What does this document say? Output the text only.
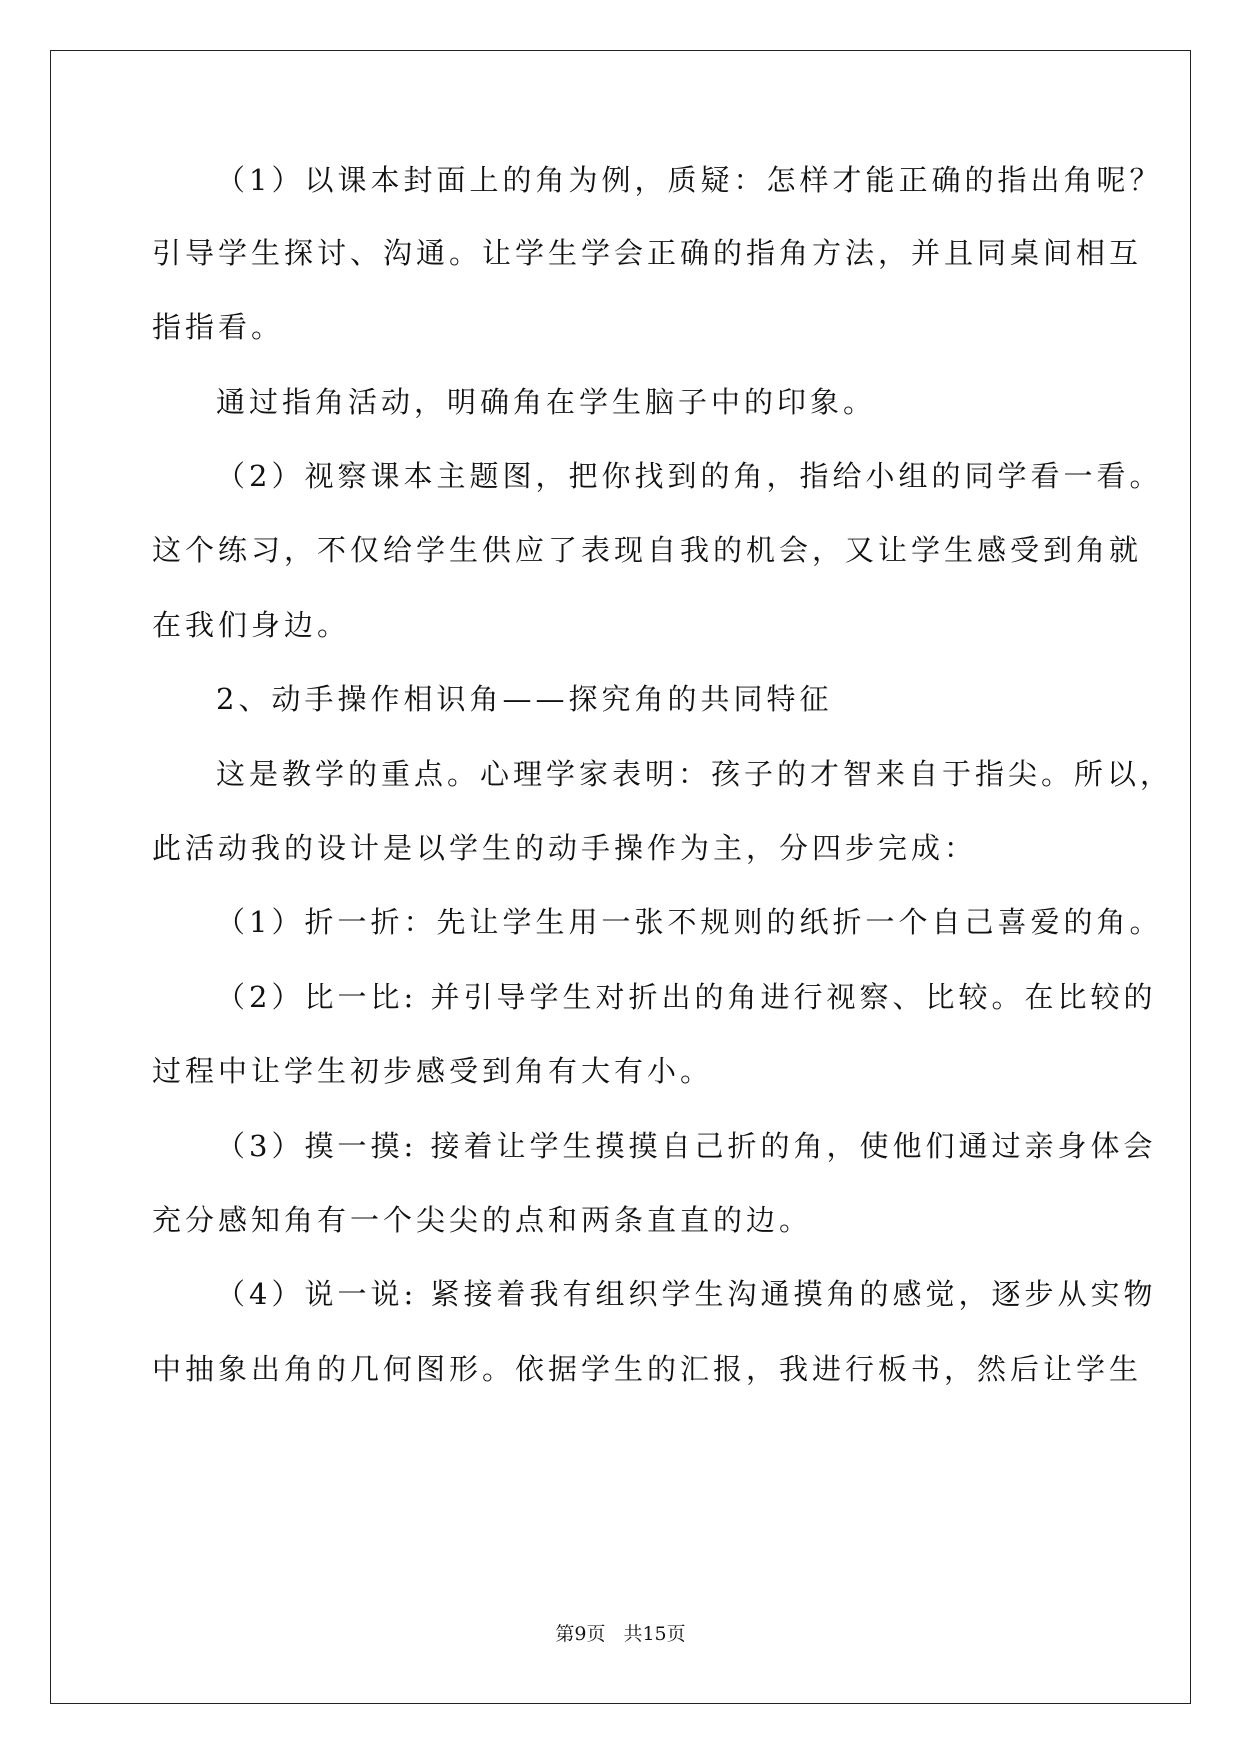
（1）以课本封面上的角为例，质疑：怎样才能正确的指出角呢？
引导学生探讨、沟通。让学生学会正确的指角方法，并且同桌间相互
指指看。
通过指角活动，明确角在学生脑子中的印象。
（2）视察课本主题图，把你找到的角，指给小组的同学看一看。
这个练习，不仅给学生供应了表现自我的机会，又让学生感受到角就
在我们身边。
2、动手操作相识角——探究角的共同特征
这是教学的重点。心理学家表明：孩子的才智来自于指尖。所以，
此活动我的设计是以学生的动手操作为主，分四步完成：
（1）折一折：先让学生用一张不规则的纸折一个自己喜爱的角。
（2）比一比: 并引导学生对折出的角进行视察、比较。在比较的
过程中让学生初步感受到角有大有小。
（3）摸一摸: 接着让学生摸摸自己折的角，使他们通过亲身体会
充分感知角有一个尖尖的点和两条直直的边。
（4）说一说: 紧接着我有组织学生沟通摸角的感觉，逐步从实物
中抽象出角的几何图形。依据学生的汇报，我进行板书，然后让学生
第9页 共15页
